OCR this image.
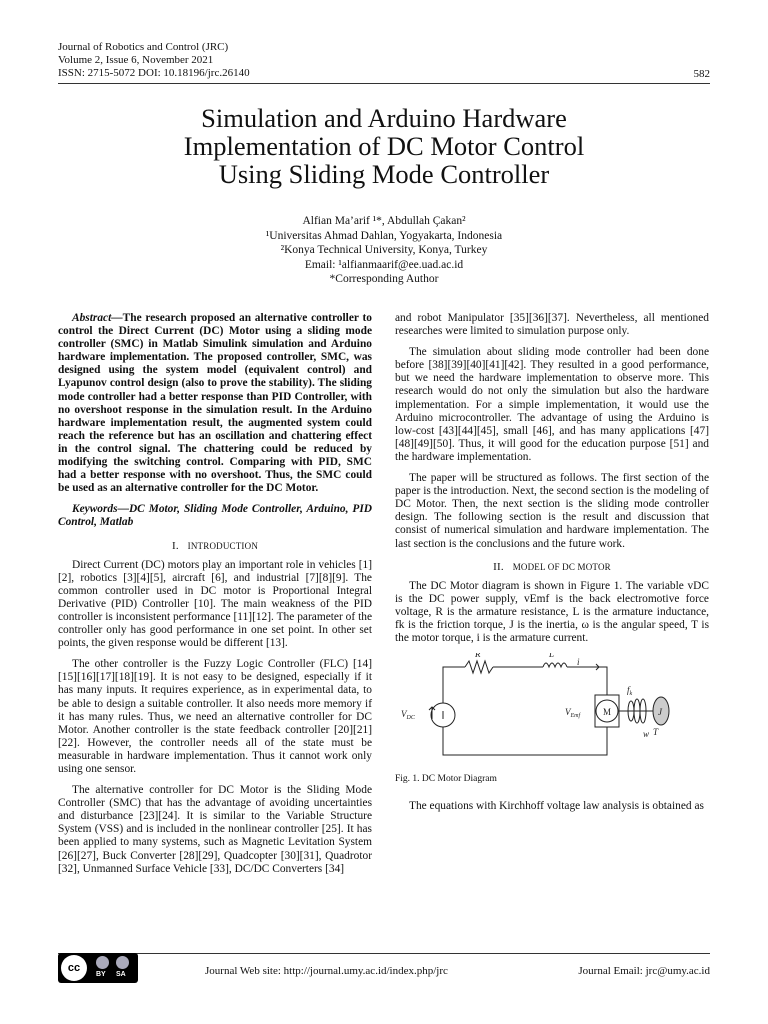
Journal of Robotics and Control (JRC)
Volume 2, Issue 6, November 2021
ISSN: 2715-5072 DOI: 10.18196/jrc.26140	582
Simulation and Arduino Hardware
Implementation of DC Motor Control
Using Sliding Mode Controller
Alfian Ma’arif ¹*, Abdullah Çakan²
¹Universitas Ahmad Dahlan, Yogyakarta, Indonesia
²Konya Technical University, Konya, Turkey
Email: ¹alfianmaarif@ee.uad.ac.id
*Corresponding Author

Abstract—The research proposed an alternative controller to control the Direct Current (DC) Motor using a sliding mode controller (SMC) in Matlab Simulink simulation and Arduino hardware implementation. The proposed controller, SMC, was designed using the system model (equivalent control) and Lyapunov control design (also to prove the stability). The sliding mode controller had a better response than PID Controller, with no overshoot response in the simulation result. In the Arduino hardware implementation result, the augmented system could reach the reference but has an oscillation and chattering effect in the control signal. The chattering could be reduced by modifying the switching control. Comparing with PID, SMC had a better response with no overshoot. Thus, the SMC could be used as an alternative controller for the DC Motor.

Keywords—DC Motor, Sliding Mode Controller, Arduino, PID Control, Matlab

I. INTRODUCTION

Direct Current (DC) motors play an important role in vehicles [1][2], robotics [3][4][5], aircraft [6], and industrial [7][8][9]. The common controller used in DC motor is Proportional Integral Derivative (PID) Controller [10]. The main weakness of the PID controller is inconsistent performance [11][12]. The parameter of the controller only has good performance in one set point. In other set points, the given response would be different [13].

The other controller is the Fuzzy Logic Controller (FLC) [14][15][16][17][18][19]. It is not easy to be designed, especially if it has many inputs. It requires experience, as in experimental data, to be able to design a suitable controller. It also needs more memory if it has many rules. Thus, we need an alternative controller for DC Motor. Another controller is the state feedback controller [20][21][22]. However, the controller needs all of the state must be measurable in hardware implementation. Thus it cannot work only using one sensor.

The alternative controller for DC Motor is the Sliding Mode Controller (SMC) that has the advantage of avoiding uncertainties and disturbance [23][24]. It is similar to the Variable Structure System (VSS) and is included in the nonlinear controller [25]. It has been applied to many systems, such as Magnetic Levitation System [26][27], Buck Converter [28][29], Quadcopter [30][31], Quadrotor [32], Unmanned Surface Vehicle [33], DC/DC Converters [34]

and robot Manipulator [35][36][37]. Nevertheless, all mentioned researches were limited to simulation purpose only.

The simulation about sliding mode controller had been done before [38][39][40][41][42]. They resulted in a good performance, but we need the hardware implementation to observe more. This research would do not only the simulation but also the hardware implementation. For a simple implementation, it would use the Arduino microcontroller. The advantage of using the Arduino is low-cost [43][44][45], small [46], and has many applications [47][48][49][50]. Thus, it will good for the education purpose [51] and the hardware implementation.

The paper will be structured as follows. The first section of the paper is the introduction. Next, the second section is the modeling of DC Motor. Then, the next section is the sliding mode controller design. The following section is the result and discussion that consist of numerical simulation and hardware implementation. The last section is the conclusions and the future work.

II. MODEL OF DC MOTOR

The DC Motor diagram is shown in Figure 1. The variable vDC is the DC power supply, vEmf is the back electromotive force voltage, R is the armature resistance, L is the armature inductance, fk is the friction torque, J is the inertia, ω is the angular speed, T is the motor torque, i is the armature current.

R	L
i
$V_{DC}$
$V_{Emf}$	M
$f_k$
J
w T
Fig. 1. DC Motor Diagram

The equations with Kirchhoff voltage law analysis is obtained as

cc
BY SA	Journal Web site: http://journal.umy.ac.id/index.php/jrc	Journal Email: jrc@umy.ac.id
